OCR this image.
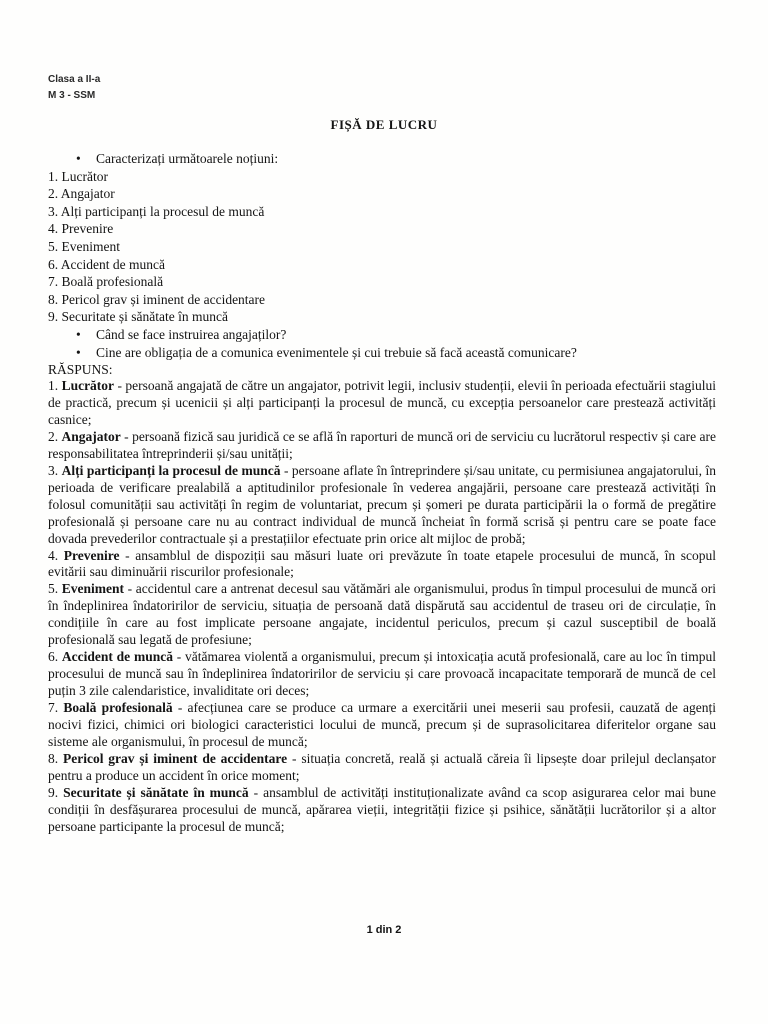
Clasa a II-a
M 3 - SSM
FIȘĂ DE LUCRU
• Caracterizați următoarele noțiuni:
1. Lucrător
2. Angajator
3. Alți participanți la procesul de muncă
4. Prevenire
5. Eveniment
6. Accident de muncă
7. Boală profesională
8. Pericol grav și iminent de accidentare
9. Securitate și sănătate în muncă
• Când se face instruirea angajaților?
• Cine are obligația de a comunica evenimentele și cui trebuie să facă această comunicare?
RĂSPUNS:

1. Lucrător - persoană angajată de către un angajator, potrivit legii, inclusiv studenții, elevii în perioada efectuării stagiului de practică, precum și ucenicii și alți participanți la procesul de muncă, cu excepția persoanelor care prestează activități casnice;

2. Angajator - persoană fizică sau juridică ce se află în raporturi de muncă ori de serviciu cu lucrătorul respectiv și care are responsabilitatea întreprinderii și/sau unității;

3. Alți participanți la procesul de muncă - persoane aflate în întreprindere și/sau unitate, cu permisiunea angajatorului, în perioada de verificare prealabilă a aptitudinilor profesionale în vederea angajării, persoane care prestează activități în folosul comunității sau activități în regim de voluntariat, precum și șomeri pe durata participării la o formă de pregătire profesională și persoane care nu au contract individual de muncă încheiat în formă scrisă și pentru care se poate face dovada prevederilor contractuale și a prestațiilor efectuate prin orice alt mijloc de probă;

4. Prevenire - ansamblul de dispoziții sau măsuri luate ori prevăzute în toate etapele procesului de muncă, în scopul evitării sau diminuării riscurilor profesionale;

5. Eveniment - accidentul care a antrenat decesul sau vătămări ale organismului, produs în timpul procesului de muncă ori în îndeplinirea îndatoririlor de serviciu, situația de persoană dată dispărută sau accidentul de traseu ori de circulație, în condițiile în care au fost implicate persoane angajate, incidentul periculos, precum și cazul susceptibil de boală profesională sau legată de profesiune;

6. Accident de muncă - vătămarea violentă a organismului, precum și intoxicația acută profesională, care au loc în timpul procesului de muncă sau în îndeplinirea îndatoririlor de serviciu și care provoacă incapacitate temporară de muncă de cel puțin 3 zile calendaristice, invaliditate ori deces;

7. Boală profesională - afecțiunea care se produce ca urmare a exercitării unei meserii sau profesii, cauzată de agenți nocivi fizici, chimici ori biologici caracteristici locului de muncă, precum și de suprasolicitarea diferitelor organe sau sisteme ale organismului, în procesul de muncă;

8. Pericol grav și iminent de accidentare - situația concretă, reală și actuală căreia îi lipsește doar prilejul declanșator pentru a produce un accident în orice moment;

9. Securitate și sănătate în muncă - ansamblul de activități instituționalizate având ca scop asigurarea celor mai bune condiții în desfășurarea procesului de muncă, apărarea vieții, integrității fizice și psihice, sănătății lucrătorilor și a altor persoane participante la procesul de muncă;

1 din 2
